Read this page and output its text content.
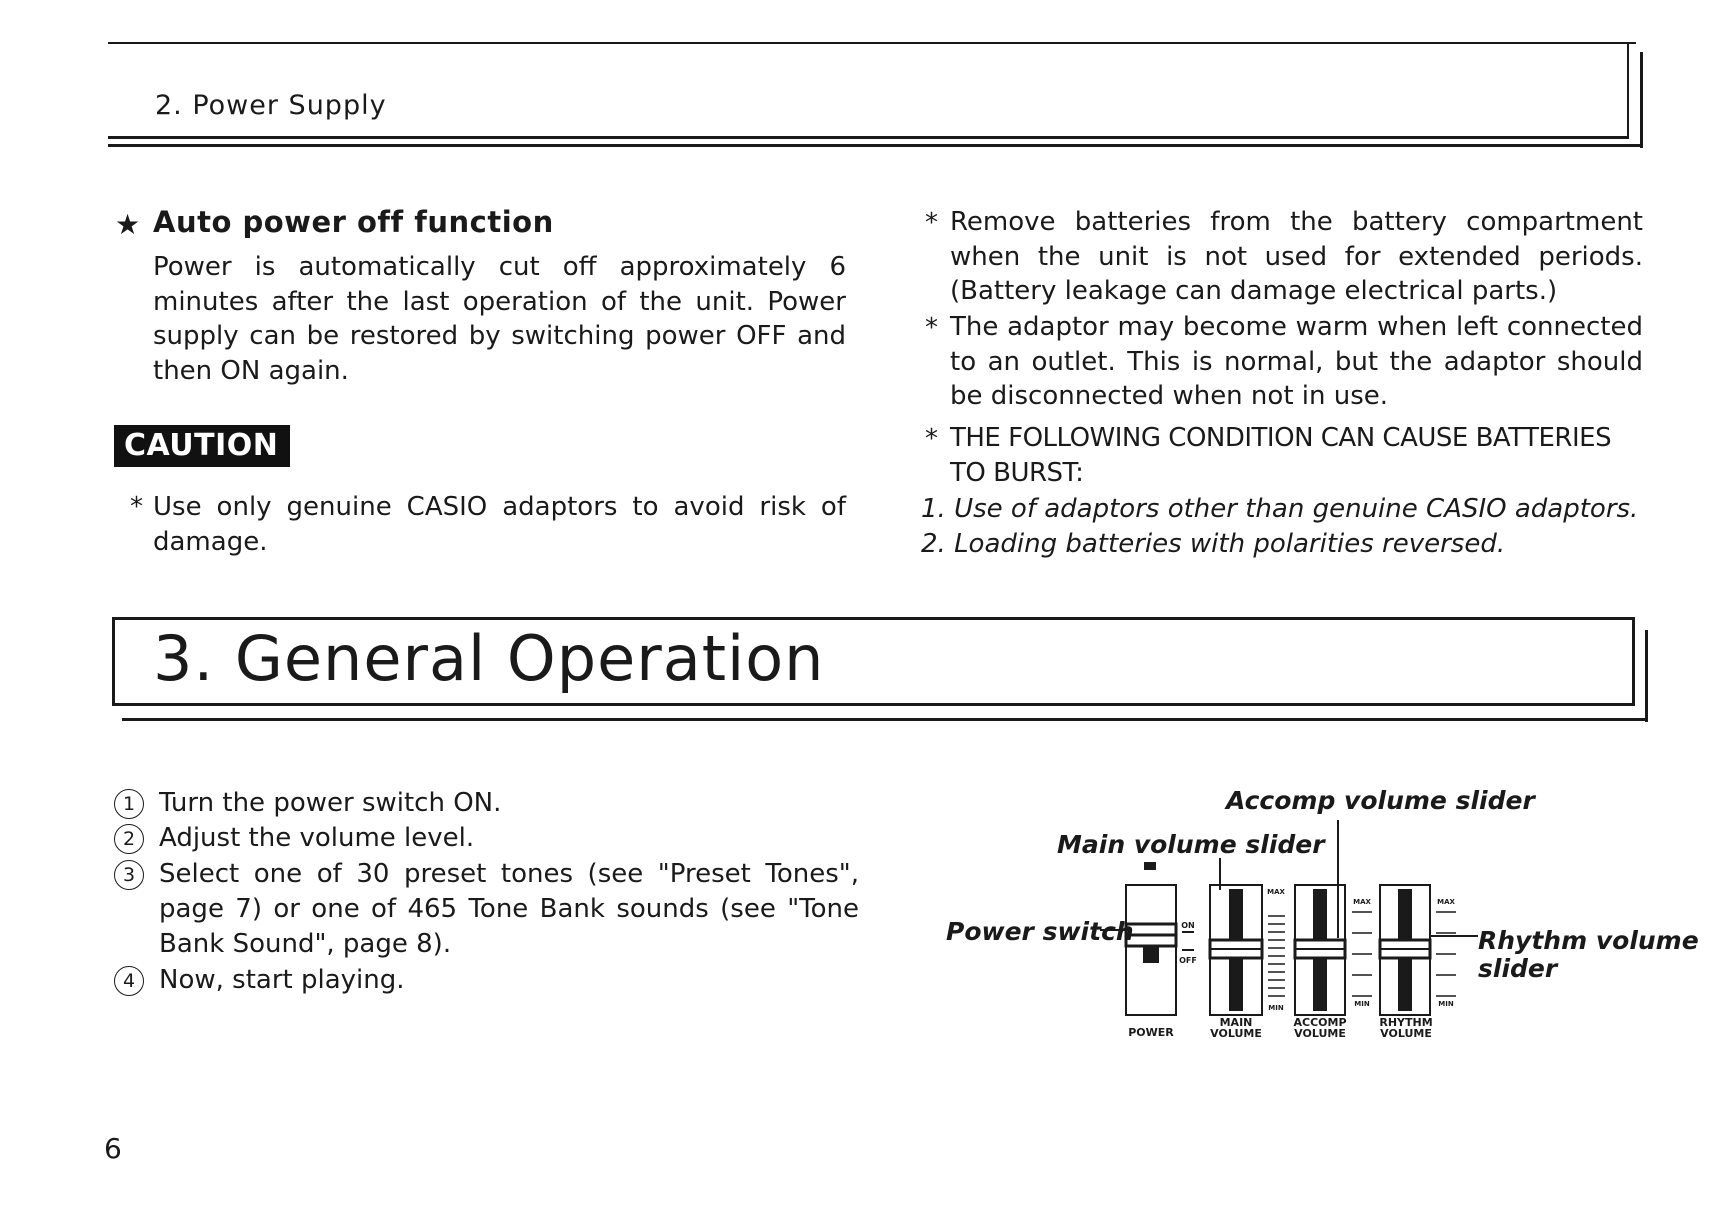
2. Power Supply
★ Auto power off function
Power is automatically cut off approximately 6 minutes after the last operation of the unit. Power supply can be restored by switching power OFF and then ON again.
CAUTION
* Use only genuine CASIO adaptors to avoid risk of damage.
* Remove batteries from the battery compartment when the unit is not used for extended periods. (Battery leakage can damage electrical parts.)
* The adaptor may become warm when left connected to an outlet. This is normal, but the adaptor should be disconnected when not in use.
* THE FOLLOWING CONDITION CAN CAUSE BATTERIES TO BURST:
1. Use of adaptors other than genuine CASIO adaptors.
2. Loading batteries with polarities reversed.
3. General Operation
1 Turn the power switch ON.
2 Adjust the volume level.
3 Select one of 30 preset tones (see "Preset Tones", page 7) or one of 465 Tone Bank sounds (see "Tone Bank Sound", page 8).
4 Now, start playing.
Accomp volume slider
Main volume slider
Power switch	Rhythm volume
slider
ON
OFF
MAX
MIN
MAX
MIN
MAX
MIN
POWER
MAIN
VOLUME
ACCOMP
VOLUME
RHYTHM
VOLUME
6
